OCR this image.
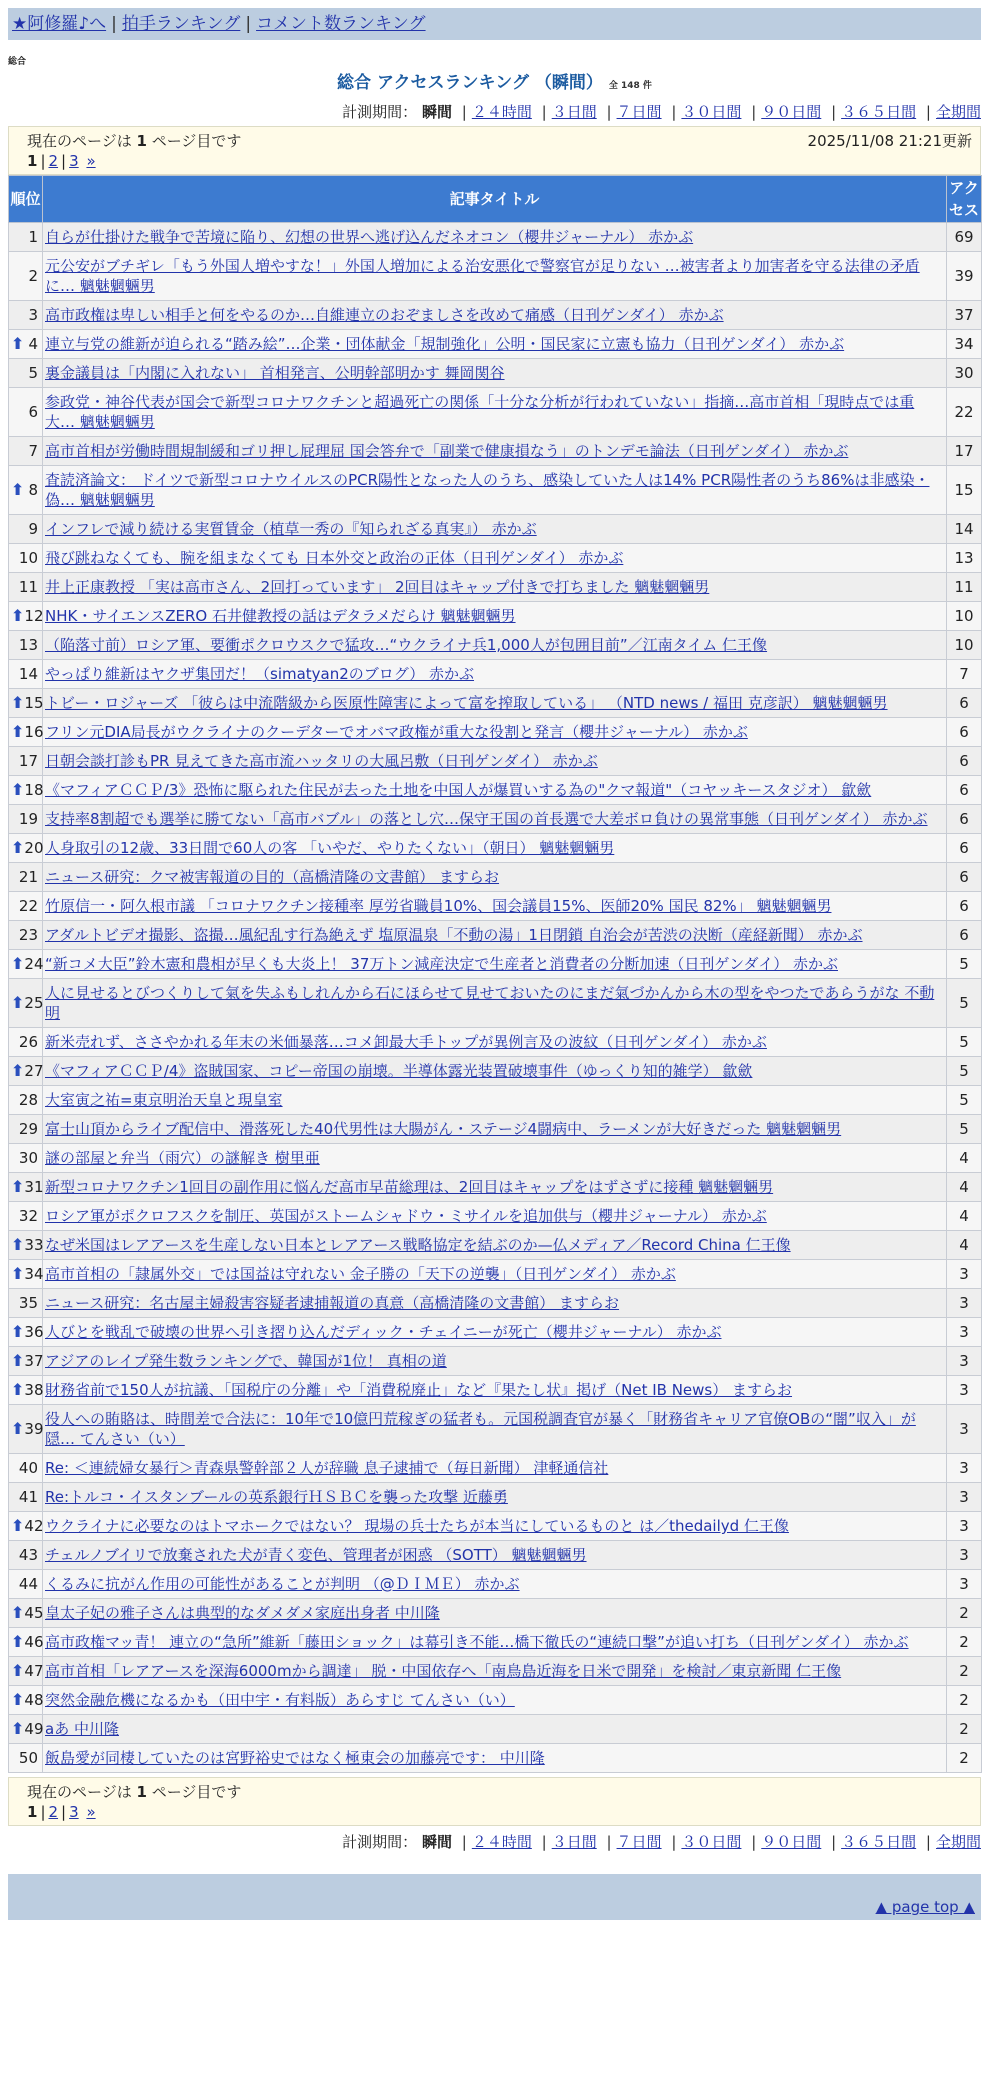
★阿修羅♪へ | 拍手ランキング | コメント数ランキング
総合
総合 アクセスランキング （瞬間） 全 148 件
計測期間： 瞬間 | ２４時間 | ３日間 | ７日間 | ３０日間 | ９０日間 | ３６５日間 | 全期間
現在のページは 1 ページ目です	2025/11/08 21:21更新
1 | 2 | 3 »
順位	記事タイトル	アクセス
1	自らが仕掛けた戦争で苦境に陥り、幻想の世界へ逃げ込んだネオコン（櫻井ジャーナル） 赤かぶ	69
2	元公安がブチギレ「もう外国人増やすな！」外国人増加による治安悪化で警察官が足りない …被害者より加害者を守る法律の矛盾に… 魑魅魍魎男	39
3	高市政権は卑しい相手と何をやるのか…自維連立のおぞましさを改めて痛感（日刊ゲンダイ） 赤かぶ	37

⬆ 4	連立与党の維新が迫られる“踏み絵”…企業・団体献金「規制強化」公明・国民家に立憲も協力（日刊ゲンダイ） 赤かぶ	34
5	裏金議員は「内閣に入れない」 首相発言、公明幹部明かす 舞岡関谷	30
6	参政党・神谷代表が国会で新型コロナワクチンと超過死亡の関係「十分な分析が行われていない」指摘…高市首相「現時点では重大… 魑魅魍魎男	22
7	高市首相が労働時間規制緩和ゴリ押し屁理屈 国会答弁で「副業で健康損なう」のトンデモ論法（日刊ゲンダイ） 赤かぶ	17

⬆ 8	査読済論文： ドイツで新型コロナウイルスのPCR陽性となった人のうち、感染していた人は14% PCR陽性者のうち86%は非感染・偽… 魑魅魍魎男	15
9	インフレで減り続ける実質賃金（植草一秀の『知られざる真実』） 赤かぶ	14
10	飛び跳ねなくても、腕を組まなくても 日本外交と政治の正体（日刊ゲンダイ） 赤かぶ	13
11	井上正康教授 「実は高市さん、2回打っています」 2回目はキャップ付きで打ちました 魑魅魍魎男	11

⬆ 12	NHK・サイエンスZERO 石井健教授の話はデタラメだらけ 魑魅魍魎男	10
13	（陥落寸前）ロシア軍、要衝ポクロウスクで猛攻…“ウクライナ兵1,000人が包囲目前”／江南タイム 仁王像	10
14	やっぱり維新はヤクザ集団だ！（simatyan2のブログ） 赤かぶ	7

⬆ 15	トビー・ロジャーズ 「彼らは中流階級から医原性障害によって富を搾取している」 （NTD news / 福田 克彦訳） 魑魅魍魎男	6

⬆ 16	フリン元DIA局長がウクライナのクーデターでオバマ政権が重大な役割と発言（櫻井ジャーナル） 赤かぶ	6
17	日朝会談打診もPR 見えてきた高市流ハッタリの大風呂敷（日刊ゲンダイ） 赤かぶ	6

⬆ 18	《マフィアＣＣＰ/3》恐怖に駆られた住民が去った土地を中国人が爆買いする為の"クマ報道"（コヤッキースタジオ） 歙歛	6
19	支持率8割超でも選挙に勝てない「高市バブル」の落とし穴…保守王国の首長選で大差ボロ負けの異常事態（日刊ゲンダイ） 赤かぶ	6

⬆ 20	人身取引の12歳、33日間で60人の客 「いやだ、やりたくない」（朝日） 魑魅魍魎男	6
21	ニュース研究：クマ被害報道の目的（高橋清隆の文書館） ますらお	6
22	竹原信一・阿久根市議 「コロナワクチン接種率 厚労省職員10%、国会議員15%、医師20% 国民 82%」 魑魅魍魎男	6
23	アダルトビデオ撮影、盗撮…風紀乱す行為絶えず 塩原温泉「不動の湯」1日閉鎖 自治会が苦渋の決断（産経新聞） 赤かぶ	6

⬆ 24	“新コメ大臣”鈴木憲和農相が早くも大炎上！ 37万トン減産決定で生産者と消費者の分断加速（日刊ゲンダイ） 赤かぶ	5

⬆ 25	人に見せるとびつくりして氣を失ふもしれんから石にほらせて見せておいたのにまだ氣づかんから木の型をやつたであらうがな 不動明	5
26	新米売れず、ささやかれる年末の米価暴落…コメ卸最大手トップが異例言及の波紋（日刊ゲンダイ） 赤かぶ	5

⬆ 27	《マフィアＣＣＰ/4》盗賊国家、コピー帝国の崩壊。半導体露光装置破壊事件（ゆっくり知的雑学） 歙歛	5
28	大室寅之祐=東京明治天皇と現皇室	5
29	富士山頂からライブ配信中、滑落死した40代男性は大腸がん・ステージ4闘病中、ラーメンが大好きだった 魑魅魍魎男	5
30	謎の部屋と弁当（雨穴）の謎解き 樹里亜	4

⬆ 31	新型コロナワクチン1回目の副作用に悩んだ高市早苗総理は、2回目はキャップをはずさずに接種 魑魅魍魎男	4
32	ロシア軍がポクロフスクを制圧、英国がストームシャドウ・ミサイルを追加供与（櫻井ジャーナル） 赤かぶ	4

⬆ 33	なぜ米国はレアアースを生産しない日本とレアアース戦略協定を結ぶのか—仏メディア／Record China 仁王像	4

⬆ 34	高市首相の「隷属外交」では国益は守れない 金子勝の「天下の逆襲」（日刊ゲンダイ） 赤かぶ	3
35	ニュース研究：名古屋主婦殺害容疑者逮捕報道の真意（高橋清隆の文書館） ますらお	3

⬆ 36	人びとを戦乱で破壊の世界へ引き摺り込んだディック・チェイニーが死亡（櫻井ジャーナル） 赤かぶ	3

⬆ 37	アジアのレイプ発生数ランキングで、韓国が1位！ 真相の道	3

⬆ 38	財務省前で150人が抗議、「国税庁の分離」や「消費税廃止」など『果たし状』掲げ（Net IB News） ますらお	3

⬆ 39	役人への賄賂は、時間差で合法に：10年で10億円荒稼ぎの猛者も。元国税調査官が暴く「財務省キャリア官僚OBの“闇”収入」が隠… てんさい（い）	3
40	Re: ＜連続婦女暴行＞青森県警幹部２人が辞職 息子逮捕で（毎日新聞） 津軽通信社	3
41	Re:トルコ・イスタンブールの英系銀行ＨＳＢＣを襲った攻撃 近藤勇	3

⬆ 42	ウクライナに必要なのはトマホークではない？ 現場の兵士たちが本当にしているものと は／thedailyd 仁王像	3
43	チェルノブイリで放棄された犬が青く変色、管理者が困惑 （SOTT） 魑魅魍魎男	3
44	くるみに抗がん作用の可能性があることが判明 （@ＤＩＭＥ） 赤かぶ	3

⬆ 45	皇太子妃の雅子さんは典型的なダメダメ家庭出身者 中川隆	2

⬆ 46	高市政権マッ青！ 連立の“急所”維新「藤田ショック」は幕引き不能…橋下徹氏の“連続口撃”が追い打ち（日刊ゲンダイ） 赤かぶ	2

⬆ 47	高市首相「レアアースを深海6000mから調達」 脱・中国依存へ「南鳥島近海を日米で開発」を検討／東京新聞 仁王像	2

⬆ 48	突然金融危機になるかも（田中宇・有料版）あらすじ てんさい（い）	2

⬆ 49	aあ 中川隆	2
50	飯島愛が同棲していたのは宮野裕史ではなく極東会の加藤亮です： 中川隆	2
現在のページは 1 ページ目です
1 | 2 | 3 »
計測期間： 瞬間 | ２４時間 | ３日間 | ７日間 | ３０日間 | ９０日間 | ３６５日間 | 全期間
▲ page top ▲
